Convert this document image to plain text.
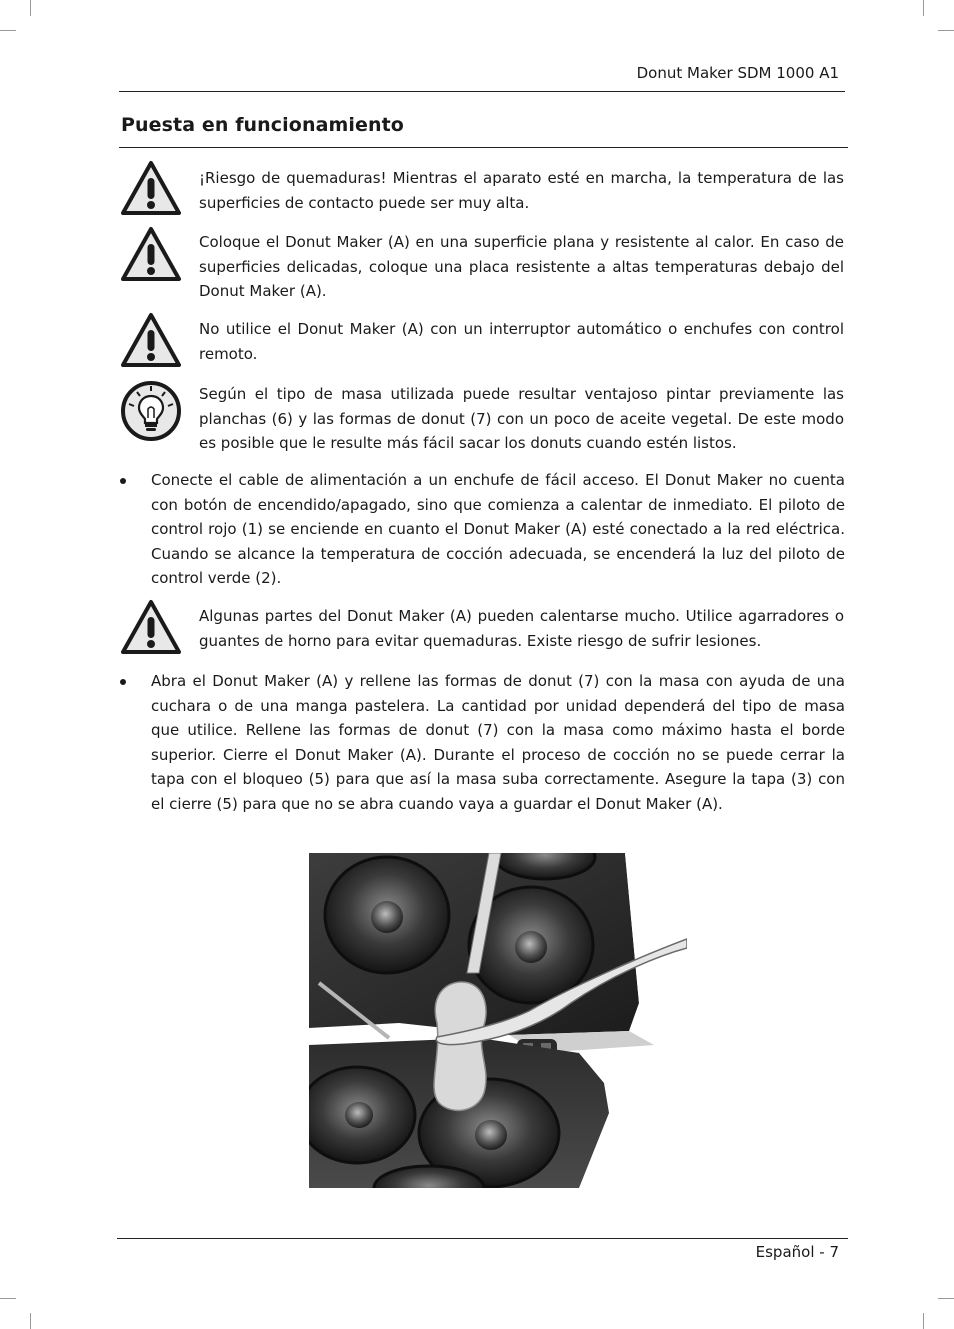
Donut Maker SDM 1000 A1
Puesta en funcionamiento
¡Riesgo de quemaduras! Mientras el aparato esté en marcha, la temperatura de las superficies de contacto puede ser muy alta.
Coloque el Donut Maker (A) en una superficie plana y resistente al calor. En caso de superficies delicadas, coloque una placa resistente a altas temperaturas debajo del Donut Maker (A).
No utilice el Donut Maker (A) con un interruptor automático o enchufes con control remoto.
Según el tipo de masa utilizada puede resultar ventajoso pintar previamente las planchas (6) y las formas de donut (7) con un poco de aceite vegetal. De este modo es posible que le resulte más fácil sacar los donuts cuando estén listos.
Conecte el cable de alimentación a un enchufe de fácil acceso. El Donut Maker no cuenta con botón de encendido/apagado, sino que comienza a calentar de inmediato. El piloto de control rojo (1) se enciende en cuanto el Donut Maker (A) esté conectado a la red eléctrica. Cuando se alcance la temperatura de cocción adecuada, se encenderá la luz del piloto de control verde (2).
Algunas partes del Donut Maker (A) pueden calentarse mucho. Utilice agarradores o guantes de horno para evitar quemaduras. Existe riesgo de sufrir lesiones.
Abra el Donut Maker (A) y rellene las formas de donut (7) con la masa con ayuda de una cuchara o de una manga pastelera. La cantidad por unidad dependerá del tipo de masa que utilice. Rellene las formas de donut (7) con la masa como máximo hasta el borde superior. Cierre el Donut Maker (A). Durante el proceso de cocción no se puede cerrar la tapa con el bloqueo (5) para que así la masa suba correctamente. Asegure la tapa (3) con el cierre (5) para que no se abra cuando vaya a guardar el Donut Maker (A).
Español - 7
